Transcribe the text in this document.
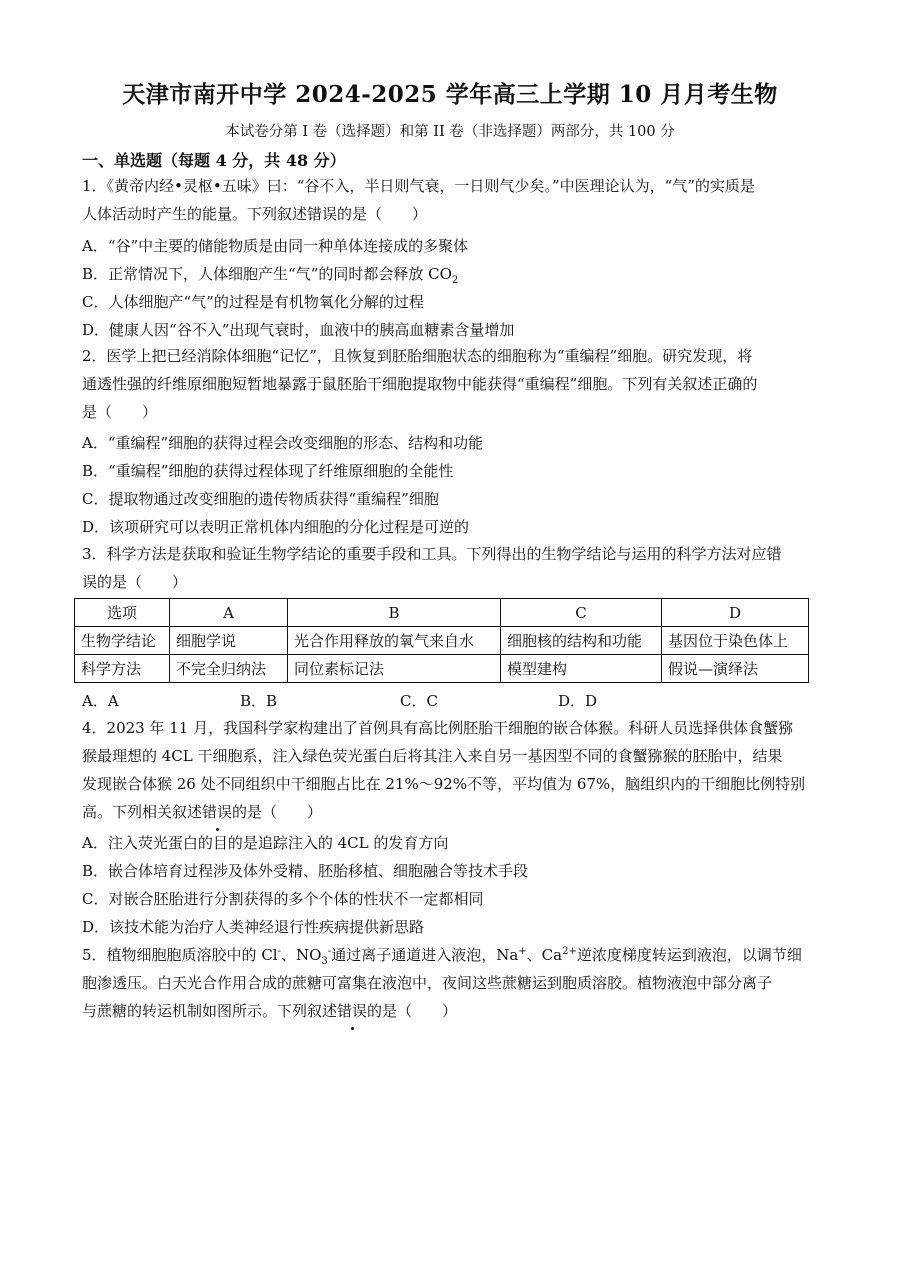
天津市南开中学 2024-2025 学年高三上学期 10 月月考生物
本试卷分第 I 卷（选择题）和第 II 卷（非选择题）两部分，共 100 分
一、单选题（每题 4 分，共 48 分）
1．《黄帝内经•灵枢•五味》曰：“谷不入，半日则气衰，一日则气少矣。”中医理论认为，“气”的实质是
人体活动时产生的能量。下列叙述错误的是（　　）
A．“谷”中主要的储能物质是由同一种单体连接成的多聚体
B．正常情况下，人体细胞产生“气”的同时都会释放 $CO_2$
C．人体细胞产“气”的过程是有机物氧化分解的过程
D．健康人因“谷不入”出现气衰时，血液中的胰高血糖素含量增加
2．医学上把已经消除体细胞“记忆”，且恢复到胚胎细胞状态的细胞称为“重编程”细胞。研究发现，将
通透性强的纤维原细胞短暂地暴露于鼠胚胎干细胞提取物中能获得“重编程”细胞。下列有关叙述正确的
是（　　）
A．“重编程”细胞的获得过程会改变细胞的形态、结构和功能
B．“重编程”细胞的获得过程体现了纤维原细胞的全能性
C．提取物通过改变细胞的遗传物质获得“重编程”细胞
D．该项研究可以表明正常机体内细胞的分化过程是可逆的
3．科学方法是获取和验证生物学结论的重要手段和工具。下列得出的生物学结论与运用的科学方法对应错
误的是（　　）
选项	A	B	C	D
生物学结论	细胞学说	光合作用释放的氧气来自水	细胞核的结构和功能	基因位于染色体上
科学方法	不完全归纳法	同位素标记法	模型建构	假说—演绎法
A．A	B．B	C．C	D．D
4．2023 年 11 月，我国科学家构建出了首例具有高比例胚胎干细胞的嵌合体猴。科研人员选择供体食蟹猕
猴最理想的 4CL 干细胞系，注入绿色荧光蛋白后将其注入来自另一基因型不同的食蟹猕猴的胚胎中，结果
发现嵌合体猴 26 处不同组织中干细胞占比在 21%～92%不等，平均值为 67%，脑组织内的干细胞比例特别
高。下列相关叙述错误的是（　　）
A．注入荧光蛋白的目的是追踪注入的 4CL 的发育方向
B．嵌合体培育过程涉及体外受精、胚胎移植、细胞融合等技术手段
C．对嵌合胚胎进行分割获得的多个个体的性状不一定都相同
D．该技术能为治疗人类神经退行性疾病提供新思路
5．植物细胞胞质溶胶中的 Cl-、$NO_3^-$通过离子通道进入液泡，Na+、$Ca^{2+}$逆浓度梯度转运到液泡，以调节细
胞渗透压。白天光合作用合成的蔗糖可富集在液泡中，夜间这些蔗糖运到胞质溶胶。植物液泡中部分离子
与蔗糖的转运机制如图所示。下列叙述错误的是（　　）
